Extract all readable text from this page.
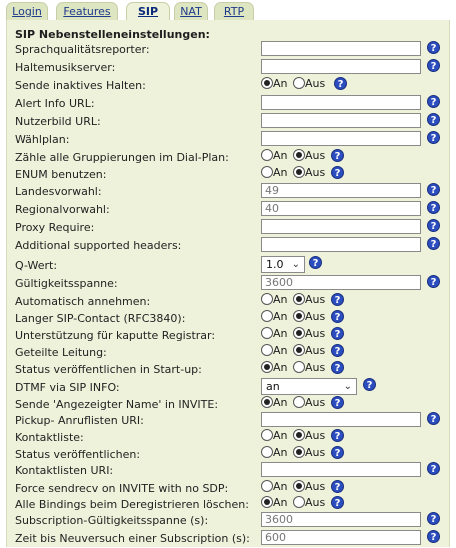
Login	Features	SIP	NAT	RTP
SIP Nebenstelleneinstellungen:
Sprachqualitätsreporter:	?
Haltemusikserver:	?
Sende inaktives Halten:	An Aus	?
Alert Info URL:	?
Nutzerbild URL:	?
Wählplan:	?
Zähle alle Gruppierungen im Dial-Plan:	An Aus ?
ENUM benutzen:	An Aus ?
Landesvorwahl:	49	?
Regionalvorwahl:	40	?
Proxy Require:	?
Additional supported headers:	?
Q-Wert:	1.0 ⌄	?
Gültigkeitsspanne:	3600	?
Automatisch annehmen:	An Aus ?
Langer SIP-Contact (RFC3840):	An Aus ?
Unterstützung für kaputte Registrar:	An Aus ?
Geteilte Leitung:	An Aus ?
Status veröffentlichen in Start-up:	An Aus ?
DTMF via SIP INFO:	an	⌄	?
Sende 'Angezeigter Name' in INVITE:	An Aus ?
Pickup- Anruflisten URI:	?
Kontaktliste:	An Aus ?
Status veröffentlichen:	An Aus ?
Kontaktlisten URI:	?
Force sendrecv on INVITE with no SDP:	An Aus ?
Alle Bindings beim Deregistrieren löschen:	An Aus ?
Subscription-Gültigkeitsspanne (s):	3600	?
Zeit bis Neuversuch einer Subscription (s):	600	?
